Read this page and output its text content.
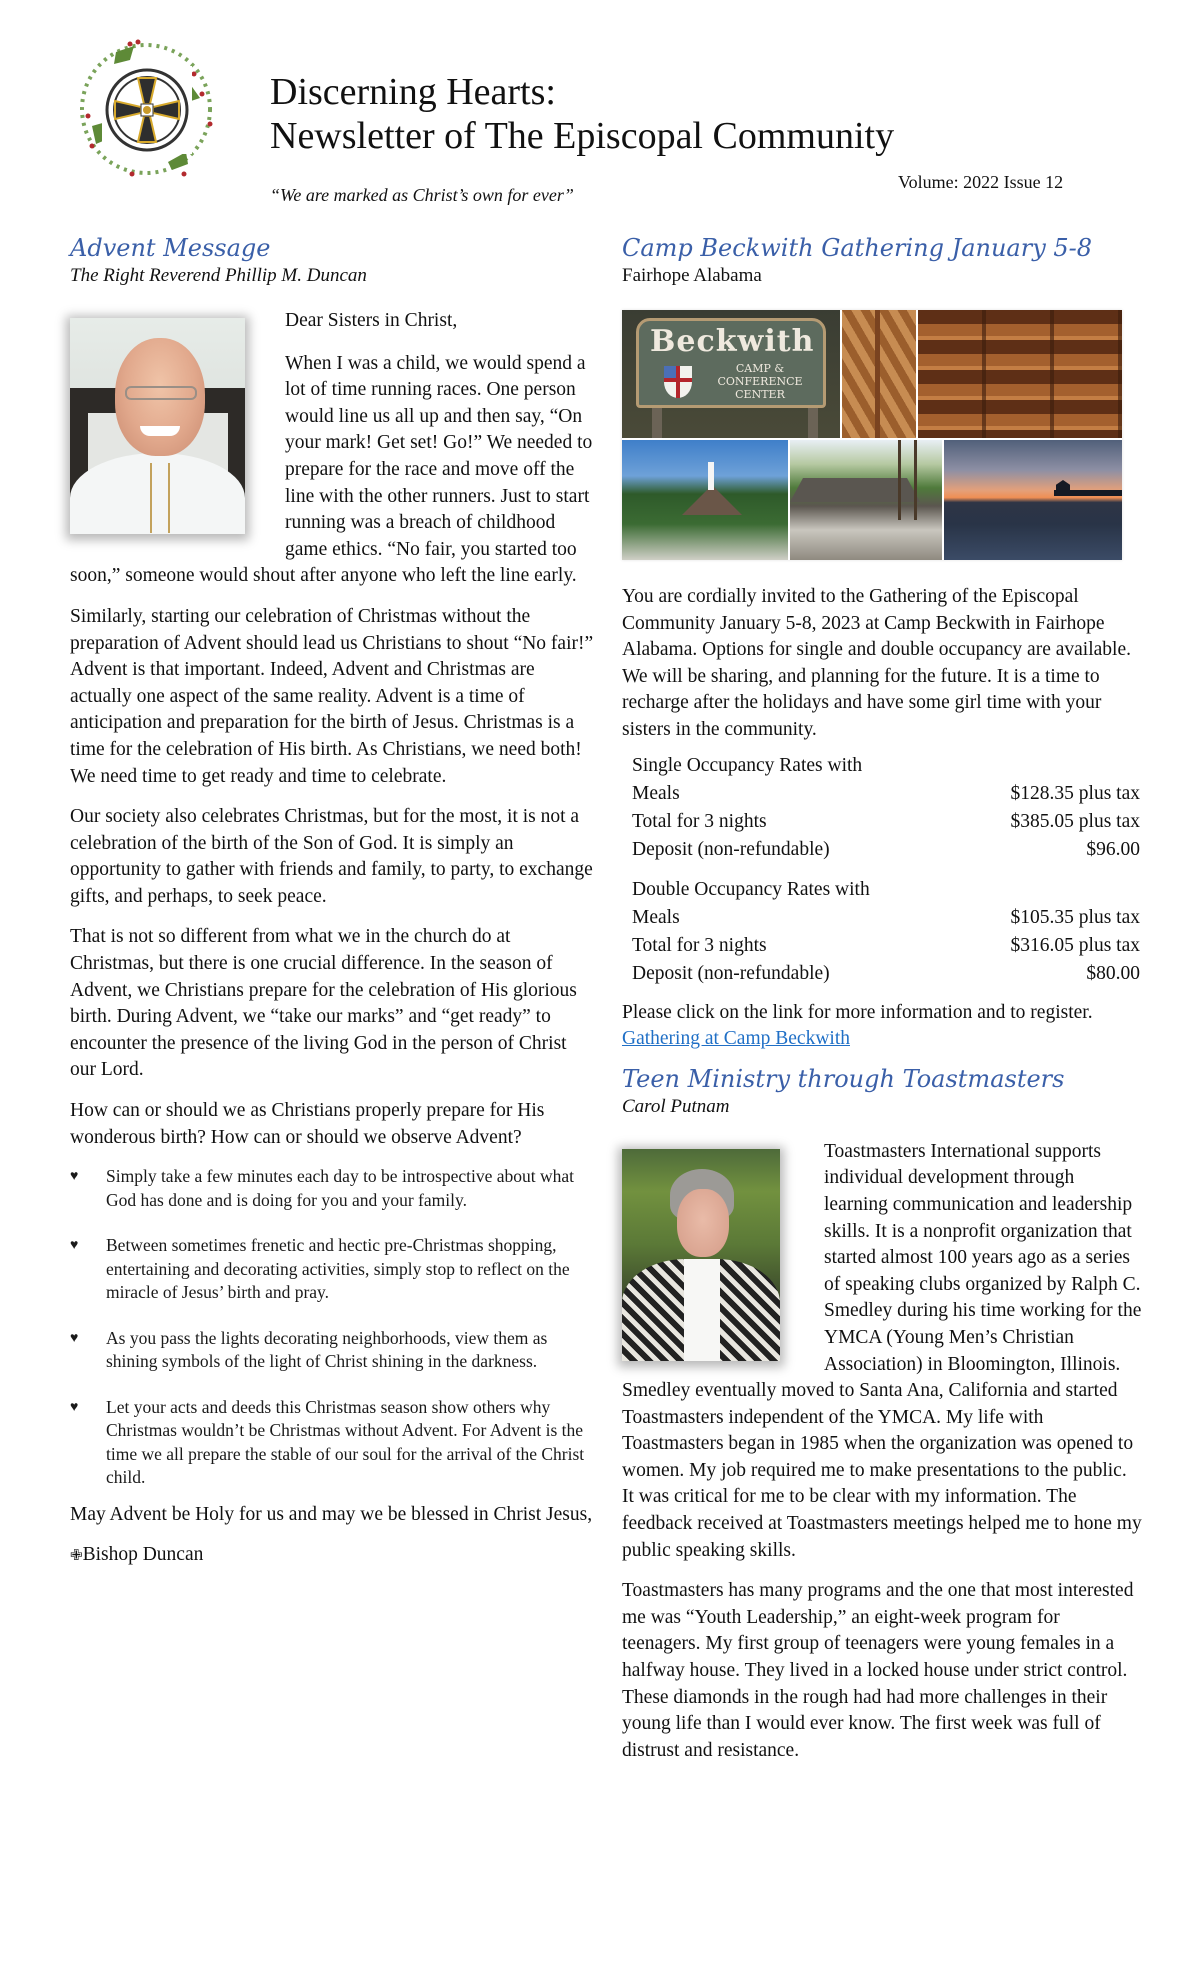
Discerning Hearts:
Newsletter of The Episcopal Community
“We are marked as Christ’s own for ever”
Volume: 2022 Issue 12
Advent Message
The Right Reverend Phillip M. Duncan

Dear Sisters in Christ,

When I was a child, we would spend a lot of time running races. One person would line us all up and then say, “On your mark! Get set! Go!” We needed to prepare for the race and move off the line with the other runners. Just to start running was a breach of childhood game ethics. “No fair, you started too soon,” someone would shout after anyone who left the line early.

Similarly, starting our celebration of Christmas without the preparation of Advent should lead us Christians to shout “No fair!” Advent is that important. Indeed, Advent and Christmas are actually one aspect of the same reality. Advent is a time of anticipation and preparation for the birth of Jesus. Christmas is a time for the celebration of His birth. As Christians, we need both! We need time to get ready and time to celebrate.

Our society also celebrates Christmas, but for the most, it is not a celebration of the birth of the Son of God. It is simply an opportunity to gather with friends and family, to party, to exchange gifts, and perhaps, to seek peace.

That is not so different from what we in the church do at Christmas, but there is one crucial difference. In the season of Advent, we Christians prepare for the celebration of His glorious birth. During Advent, we “take our marks” and “get ready” to encounter the presence of the living God in the person of Christ our Lord.

How can or should we as Christians properly prepare for His wonderous birth? How can or should we observe Advent?

♥ Simply take a few minutes each day to be introspective about what God has done and is doing for you and your family.
♥ Between sometimes frenetic and hectic pre-Christmas shopping, entertaining and decorating activities, simply stop to reflect on the miracle of Jesus’ birth and pray.
♥ As you pass the lights decorating neighborhoods, view them as shining symbols of the light of Christ shining in the darkness.
♥ Let your acts and deeds this Christmas season show others why Christmas wouldn’t be Christmas without Advent. For Advent is the time we all prepare the stable of our soul for the arrival of the Christ child.

May Advent be Holy for us and may we be blessed in Christ Jesus,

✙Bishop Duncan
Camp Beckwith Gathering January 5-8
Fairhope Alabama
Beckwith
CAMP & CONFERENCE CENTER

You are cordially invited to the Gathering of the Episcopal Community January 5-8, 2023 at Camp Beckwith in Fairhope Alabama. Options for single and double occupancy are available. We will be sharing, and planning for the future. It is a time to recharge after the holidays and have some girl time with your sisters in the community.

Single Occupancy Rates with	
Meals	$128.35 plus tax
Total for 3 nights	$385.05 plus tax
Deposit (non-refundable)	$96.00

Double Occupancy Rates with	
Meals	$105.35 plus tax
Total for 3 nights	$316.05 plus tax
Deposit (non-refundable)	$80.00

Please click on the link for more information and to register. Gathering at Camp Beckwith

Teen Ministry through Toastmasters
Carol Putnam

Toastmasters International supports individual development through learning communication and leadership skills. It is a nonprofit organization that started almost 100 years ago as a series of speaking clubs organized by Ralph C. Smedley during his time working for the YMCA (Young Men’s Christian Association) in Bloomington, Illinois. Smedley eventually moved to Santa Ana, California and started Toastmasters independent of the YMCA. My life with Toastmasters began in 1985 when the organization was opened to women. My job required me to make presentations to the public. It was critical for me to be clear with my information. The feedback received at Toastmasters meetings helped me to hone my public speaking skills.

Toastmasters has many programs and the one that most interested me was “Youth Leadership,” an eight-week program for teenagers. My first group of teenagers were young females in a halfway house. They lived in a locked house under strict control. These diamonds in the rough had had more challenges in their young life than I would ever know. The first week was full of distrust and resistance.
